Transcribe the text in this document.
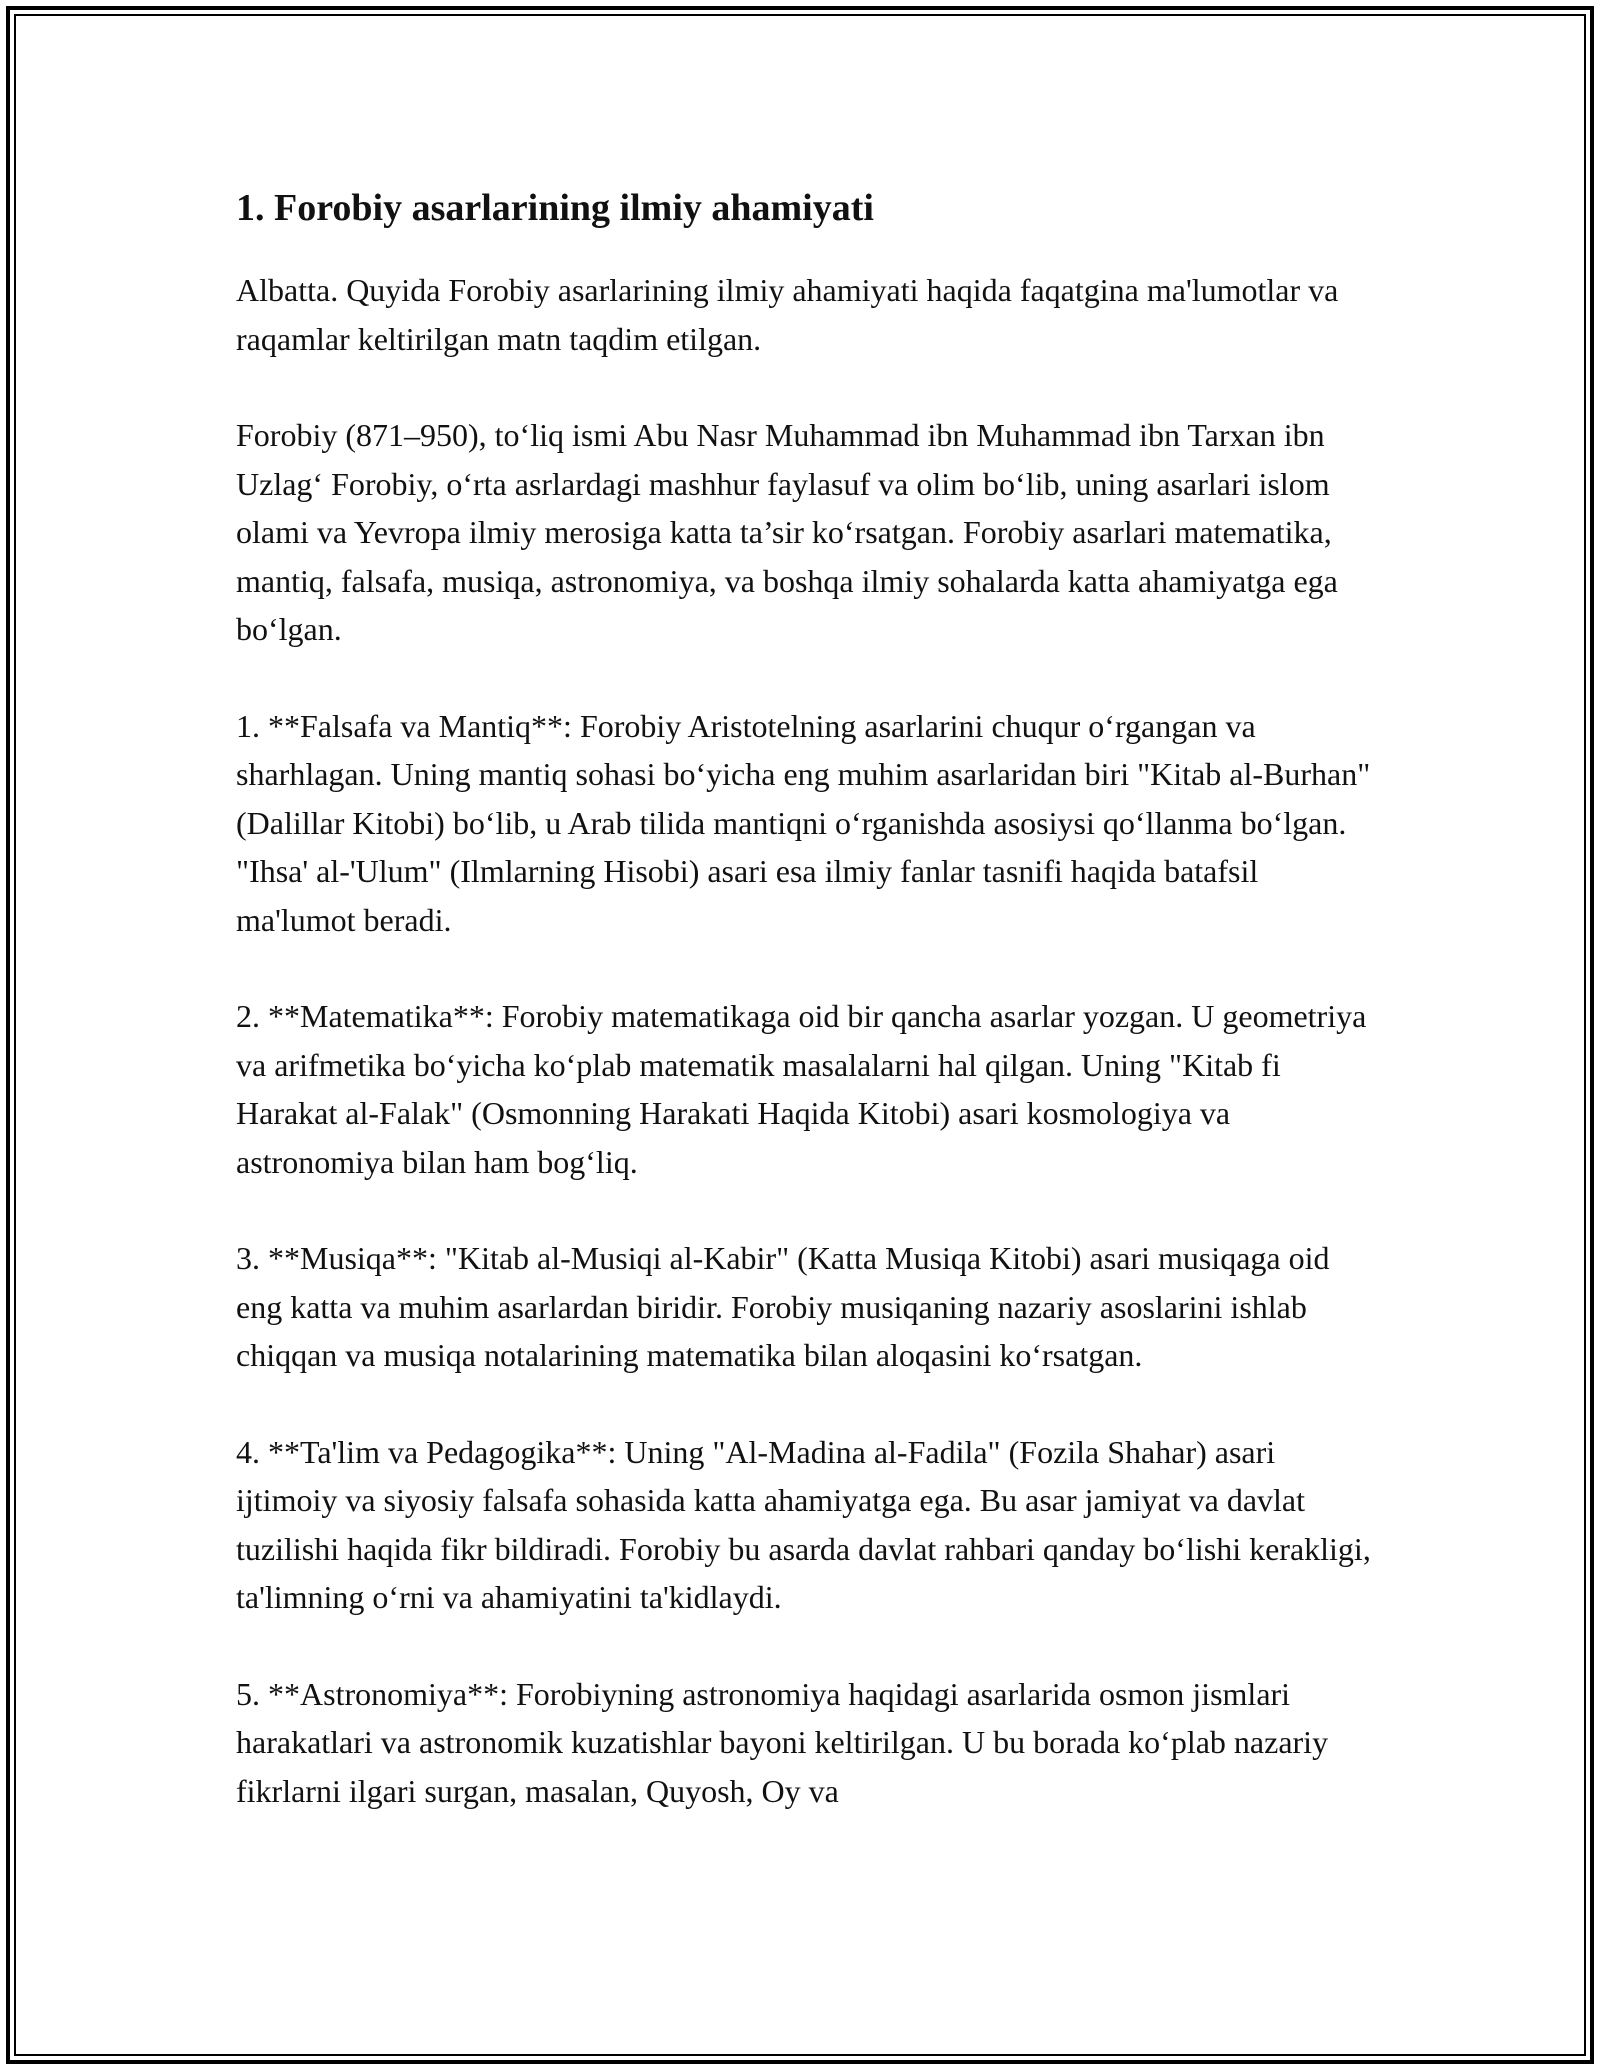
1. Forobiy asarlarining ilmiy ahamiyati

Albatta. Quyida Forobiy asarlarining ilmiy ahamiyati haqida faqatgina ma'lumotlar va raqamlar keltirilgan matn taqdim etilgan.

Forobiy (871–950), to‘liq ismi Abu Nasr Muhammad ibn Muhammad ibn Tarxan ibn Uzlag‘ Forobiy, o‘rta asrlardagi mashhur faylasuf va olim bo‘lib, uning asarlari islom olami va Yevropa ilmiy merosiga katta ta’sir ko‘rsatgan. Forobiy asarlari matematika, mantiq, falsafa, musiqa, astronomiya, va boshqa ilmiy sohalarda katta ahamiyatga ega bo‘lgan.

1. **Falsafa va Mantiq**: Forobiy Aristotelning asarlarini chuqur o‘rgangan va sharhlagan. Uning mantiq sohasi bo‘yicha eng muhim asarlaridan biri "Kitab al-Burhan" (Dalillar Kitobi) bo‘lib, u Arab tilida mantiqni o‘rganishda asosiysi qo‘llanma bo‘lgan. "Ihsa' al-'Ulum" (Ilmlarning Hisobi) asari esa ilmiy fanlar tasnifi haqida batafsil ma'lumot beradi.

2. **Matematika**: Forobiy matematikaga oid bir qancha asarlar yozgan. U geometriya va arifmetika bo‘yicha ko‘plab matematik masalalarni hal qilgan. Uning "Kitab fi Harakat al-Falak" (Osmonning Harakati Haqida Kitobi) asari kosmologiya va astronomiya bilan ham bog‘liq.

3. **Musiqa**: "Kitab al-Musiqi al-Kabir" (Katta Musiqa Kitobi) asari musiqaga oid eng katta va muhim asarlardan biridir. Forobiy musiqaning nazariy asoslarini ishlab chiqqan va musiqa notalarining matematika bilan aloqasini ko‘rsatgan.

4. **Ta'lim va Pedagogika**: Uning "Al-Madina al-Fadila" (Fozila Shahar) asari ijtimoiy va siyosiy falsafa sohasida katta ahamiyatga ega. Bu asar jamiyat va davlat tuzilishi haqida fikr bildiradi. Forobiy bu asarda davlat rahbari qanday bo‘lishi kerakligi, ta'limning o‘rni va ahamiyatini ta'kidlaydi.

5. **Astronomiya**: Forobiyning astronomiya haqidagi asarlarida osmon jismlari harakatlari va astronomik kuzatishlar bayoni keltirilgan. U bu borada ko‘plab nazariy fikrlarni ilgari surgan, masalan, Quyosh, Oy va
